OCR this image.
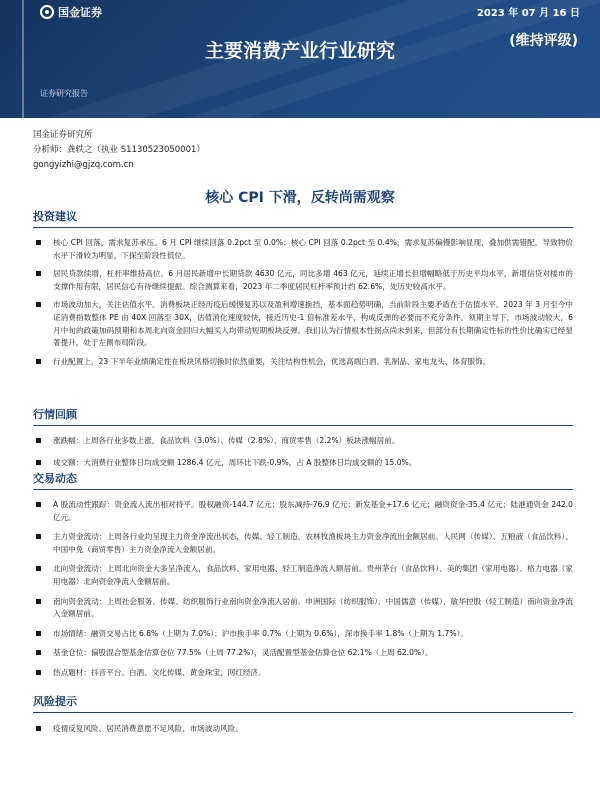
国金证券	2023 年 07 月 16 日
主要消费产业行业研究	(维持评级)
证券研究报告
国金证券研究所
分析师：龚轶之（执业 S1130523050001）
gongyizhi@gjzq.com.cn
核心 CPI 下滑，反转尚需观察
投资建议
核心 CPI 回落，需求复苏承压。6 月 CPI 继续回落 0.2pct 至 0.0%；核心 CPI 回落 0.2pct 至 0.4%，需求复苏偏慢影响显现，叠加供需错配，导致物价水平下滑较为明显，下探至阶段性低位。
居民贷款续增，杠杆率维持高位。6 月居民新增中长期贷款 4630 亿元，同比多增 463 亿元，延续正增长但增幅略低于历史平均水平，新增信贷对楼市的支撑作用有限，居民信心有待继续提振。综合测算来看，2023 年二季度居民杠杆率预计约 62.6%，处历史较高水平。
市场波动加大，关注估值水平。消费板块正经历疫后缓慢复苏以及盈利增速换挡，基本面趋势明确，当前阶段主要矛盾在于估值水平。2023 年 3 月至今中证消费指数整体 PE 由 40X 回落至 30X，估值消化速度较快，接近历史-1 倍标准差水平，构成反弹的必要而不充分条件。须期主导下，市场波动较大，6 月中旬的政策加码预期和本周北向资金回归大幅买入均带动短期板块反弹。我们认为行情根本性拐点尚未到来，但部分有长期确定性标的性价比确实已经显著提升，处于左侧布局阶段。
行业配置上，23 下半年业绩确定性在板块风格切换时依然重要，关注结构性机会，优选高端白酒、乳制品、家电龙头、体育服饰。
行情回顾
涨跌幅：上周各行业多数上涨，食品饮料（3.0%）、传媒（2.8%）、商贸零售（2.2%）板块涨幅居前。
成交额：大消费行业整体日均成交额 1286.4 亿元，周环比下跌-0.9%，占 A 股整体日均成交额的 15.0%。
交易动态
A 股流动性跟踪：资金流入流出相对持平。股权融资-144.7 亿元；股东减持-76.9 亿元；新发基金+17.6 亿元；融资资金-35.4 亿元；陆港通资金 242.0 亿元。
主力资金流动：上周各行业均呈现主力资金净流出状态，传媒、轻工制造、农林牧渔板块主力资金净流出金额居前。人民网（传媒）、五粮液（食品饮料）、中国中免（商贸零售）主力资金净流入金额居前。
北向资金流动：上周北向资金大多呈净流入，食品饮料、家用电器、轻工制造净流入额居前。贵州茅台（食品饮料）、美的集团（家用电器）、格力电器（家用电器）北向资金净流入金额居前。
南向资金流动：上周社会服务、传媒、纺织服饰行业南向资金净流入居前。申洲国际（纺织服饰）、中国儒意（传媒）、敏华控股（轻工制造）南向资金净流入金额居前。
市场情绪：融资交易占比 6.8%（上期为 7.0%）；沪市换手率 0.7%（上期为 0.6%），深市换手率 1.8%（上期为 1.7%）。
基金仓位：偏股混合型基金估算仓位 77.5%（上周 77.2%），灵活配置型基金估算仓位 62.1%（上周 62.0%）。
热点题材：抖音平台、白酒、文化传媒、黄金珠宝、网红经济。
风险提示
疫情反复风险、居民消费意愿不足风险、市场波动风险。
